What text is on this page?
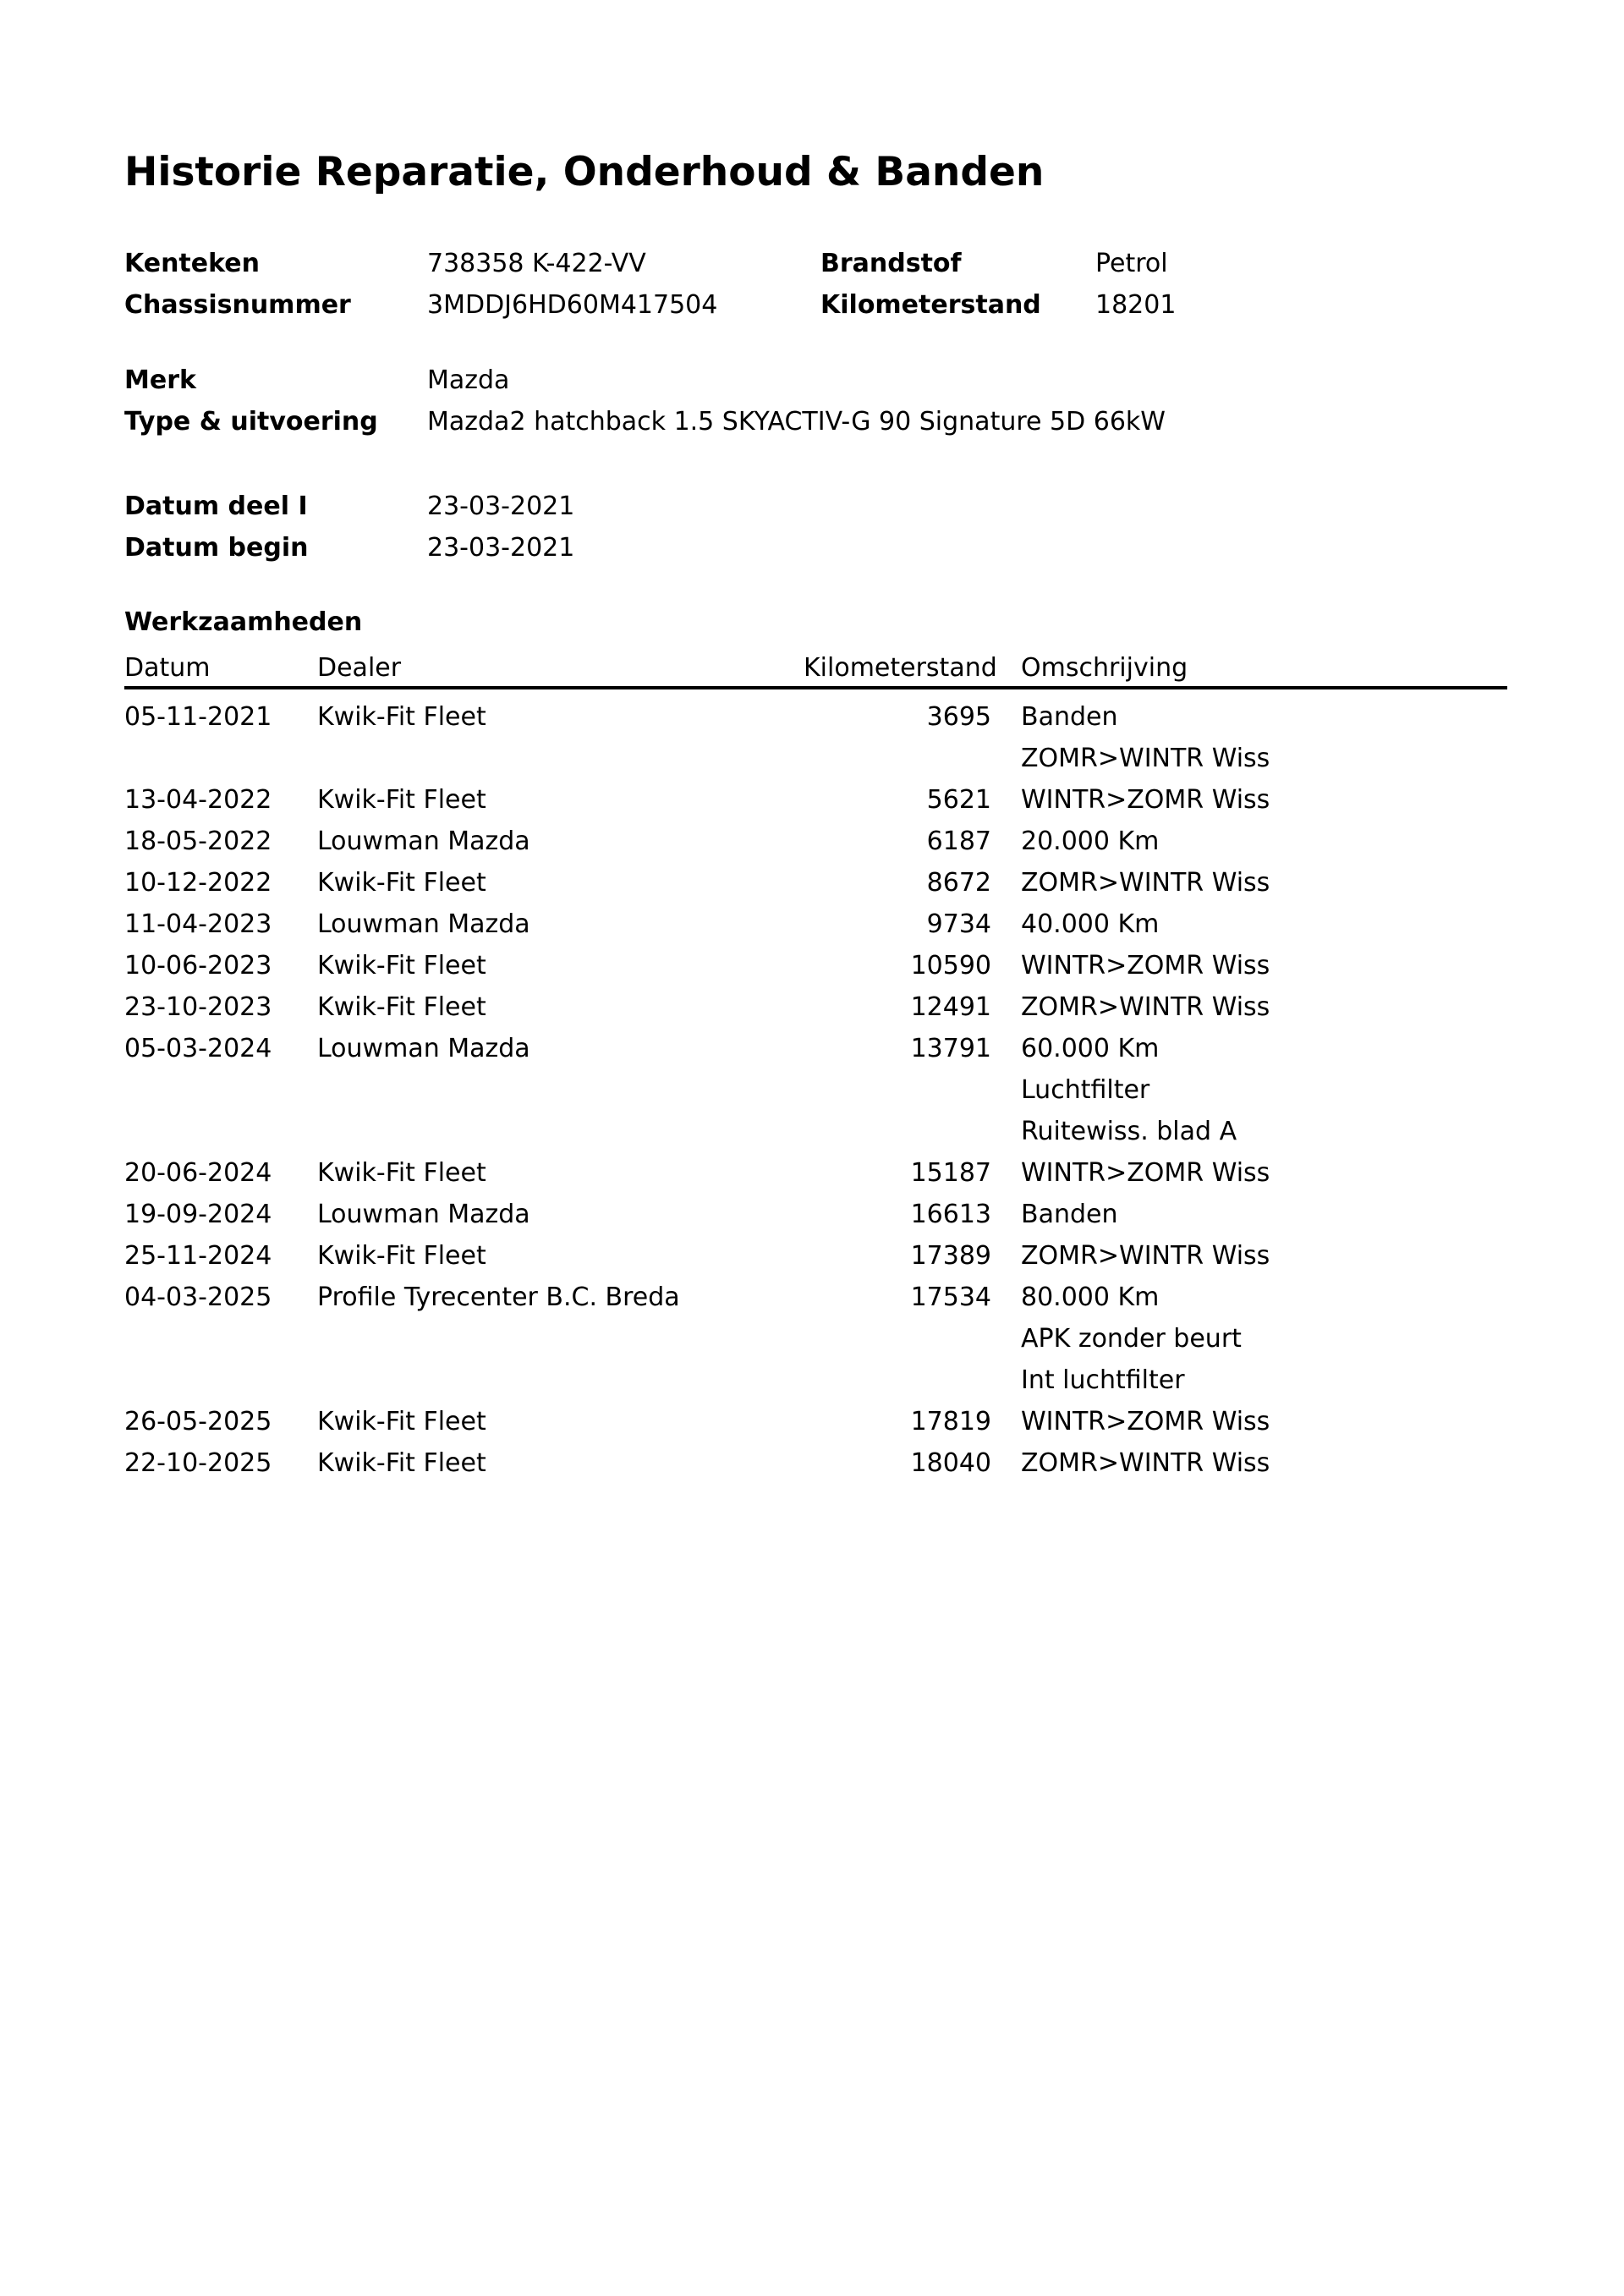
Historie Reparatie, Onderhoud & Banden
Kenteken	738358 K-422-VV	Brandstof	Petrol
Chassisnummer	3MDDJ6HD60M417504	Kilometerstand	18201
Merk	Mazda
Type & uitvoering	Mazda2 hatchback 1.5 SKYACTIV-G 90 Signature 5D 66kW
Datum deel I	23-03-2021
Datum begin	23-03-2021
Werkzaamheden
Datum	Dealer	Kilometerstand Omschrijving
05-11-2021	Kwik-Fit Fleet	3695	Banden
ZOMR>WINTR Wiss
13-04-2022	Kwik-Fit Fleet	5621	WINTR>ZOMR Wiss
18-05-2022	Louwman Mazda	6187	20.000 Km
10-12-2022	Kwik-Fit Fleet	8672	ZOMR>WINTR Wiss
11-04-2023	Louwman Mazda	9734	40.000 Km
10-06-2023	Kwik-Fit Fleet	10590	WINTR>ZOMR Wiss
23-10-2023	Kwik-Fit Fleet	12491	ZOMR>WINTR Wiss
05-03-2024	Louwman Mazda	13791	60.000 Km
Luchtfilter
Ruitewiss. blad A
20-06-2024	Kwik-Fit Fleet	15187	WINTR>ZOMR Wiss
19-09-2024	Louwman Mazda	16613	Banden
25-11-2024	Kwik-Fit Fleet	17389	ZOMR>WINTR Wiss
04-03-2025	Profile Tyrecenter B.C. Breda	17534	80.000 Km
APK zonder beurt
Int luchtfilter
26-05-2025	Kwik-Fit Fleet	17819	WINTR>ZOMR Wiss
22-10-2025	Kwik-Fit Fleet	18040	ZOMR>WINTR Wiss
